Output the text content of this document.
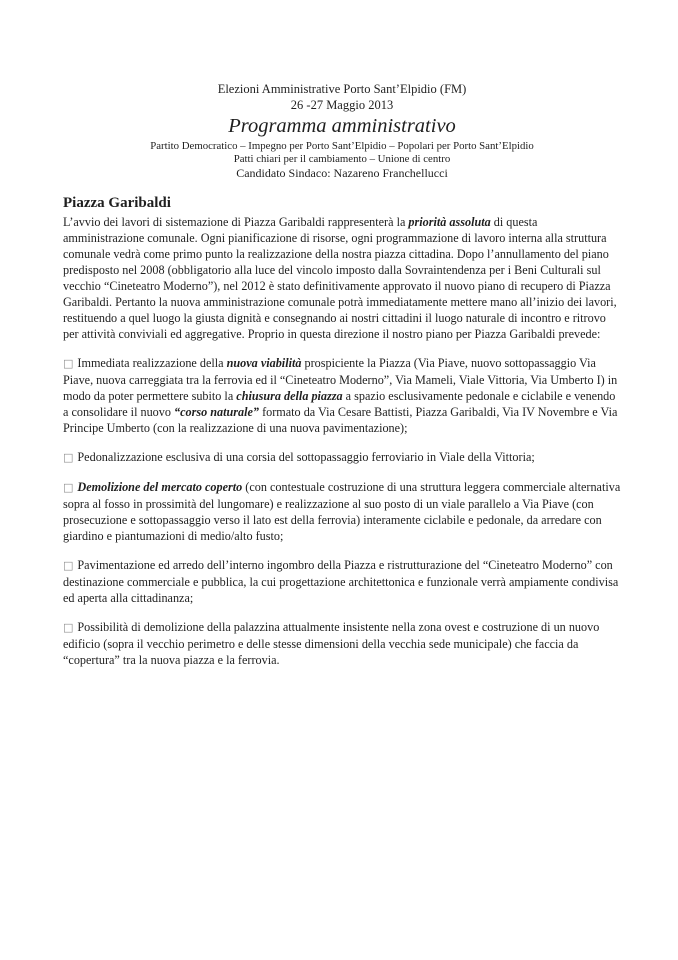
Elezioni Amministrative Porto Sant’Elpidio (FM)
26 -27 Maggio 2013
Programma amministrativo
Partito Democratico – Impegno per Porto Sant’Elpidio – Popolari per Porto Sant’Elpidio
Patti chiari per il cambiamento – Unione di centro
Candidato Sindaco: Nazareno Franchellucci
Piazza Garibaldi

L’avvio dei lavori di sistemazione di Piazza Garibaldi rappresenterà la priorità assoluta di questa amministrazione comunale. Ogni pianificazione di risorse, ogni programmazione di lavoro interna alla struttura comunale vedrà come primo punto la realizzazione della nostra piazza cittadina. Dopo l’annullamento del piano predisposto nel 2008 (obbligatorio alla luce del vincolo imposto dalla Sovraintendenza per i Beni Culturali sul vecchio “Cineteatro Moderno”), nel 2012 è stato definitivamente approvato il nuovo piano di recupero di Piazza Garibaldi. Pertanto la nuova amministrazione comunale potrà immediatamente mettere mano all’inizio dei lavori, restituendo a quel luogo la giusta dignità e consegnando ai nostri cittadini il luogo naturale di incontro e ritrovo per attività conviviali ed aggregative. Proprio in questa direzione il nostro piano per Piazza Garibaldi prevede:

□ Immediata realizzazione della nuova viabilità prospiciente la Piazza (Via Piave, nuovo sottopassaggio Via Piave, nuova carreggiata tra la ferrovia ed il “Cineteatro Moderno”, Via Mameli, Viale Vittoria, Via Umberto I) in modo da poter permettere subito la chiusura della piazza a spazio esclusivamente pedonale e ciclabile e venendo a consolidare il nuovo “corso naturale” formato da Via Cesare Battisti, Piazza Garibaldi, Via IV Novembre e Via Principe Umberto (con la realizzazione di una nuova pavimentazione);

□ Pedonalizzazione esclusiva di una corsia del sottopassaggio ferroviario in Viale della Vittoria;

□ Demolizione del mercato coperto (con contestuale costruzione di una struttura leggera commerciale alternativa sopra al fosso in prossimità del lungomare) e realizzazione al suo posto di un viale parallelo a Via Piave (con prosecuzione e sottopassaggio verso il lato est della ferrovia) interamente ciclabile e pedonale, da arredare con giardino e piantumazioni di medio/alto fusto;

□ Pavimentazione ed arredo dell’interno ingombro della Piazza e ristrutturazione del “Cineteatro Moderno” con destinazione commerciale e pubblica, la cui progettazione architettonica e funzionale verrà ampiamente condivisa ed aperta alla cittadinanza;

□ Possibilità di demolizione della palazzina attualmente insistente nella zona ovest e costruzione di un nuovo edificio (sopra il vecchio perimetro e delle stesse dimensioni della vecchia sede municipale) che faccia da “copertura” tra la nuova piazza e la ferrovia.
